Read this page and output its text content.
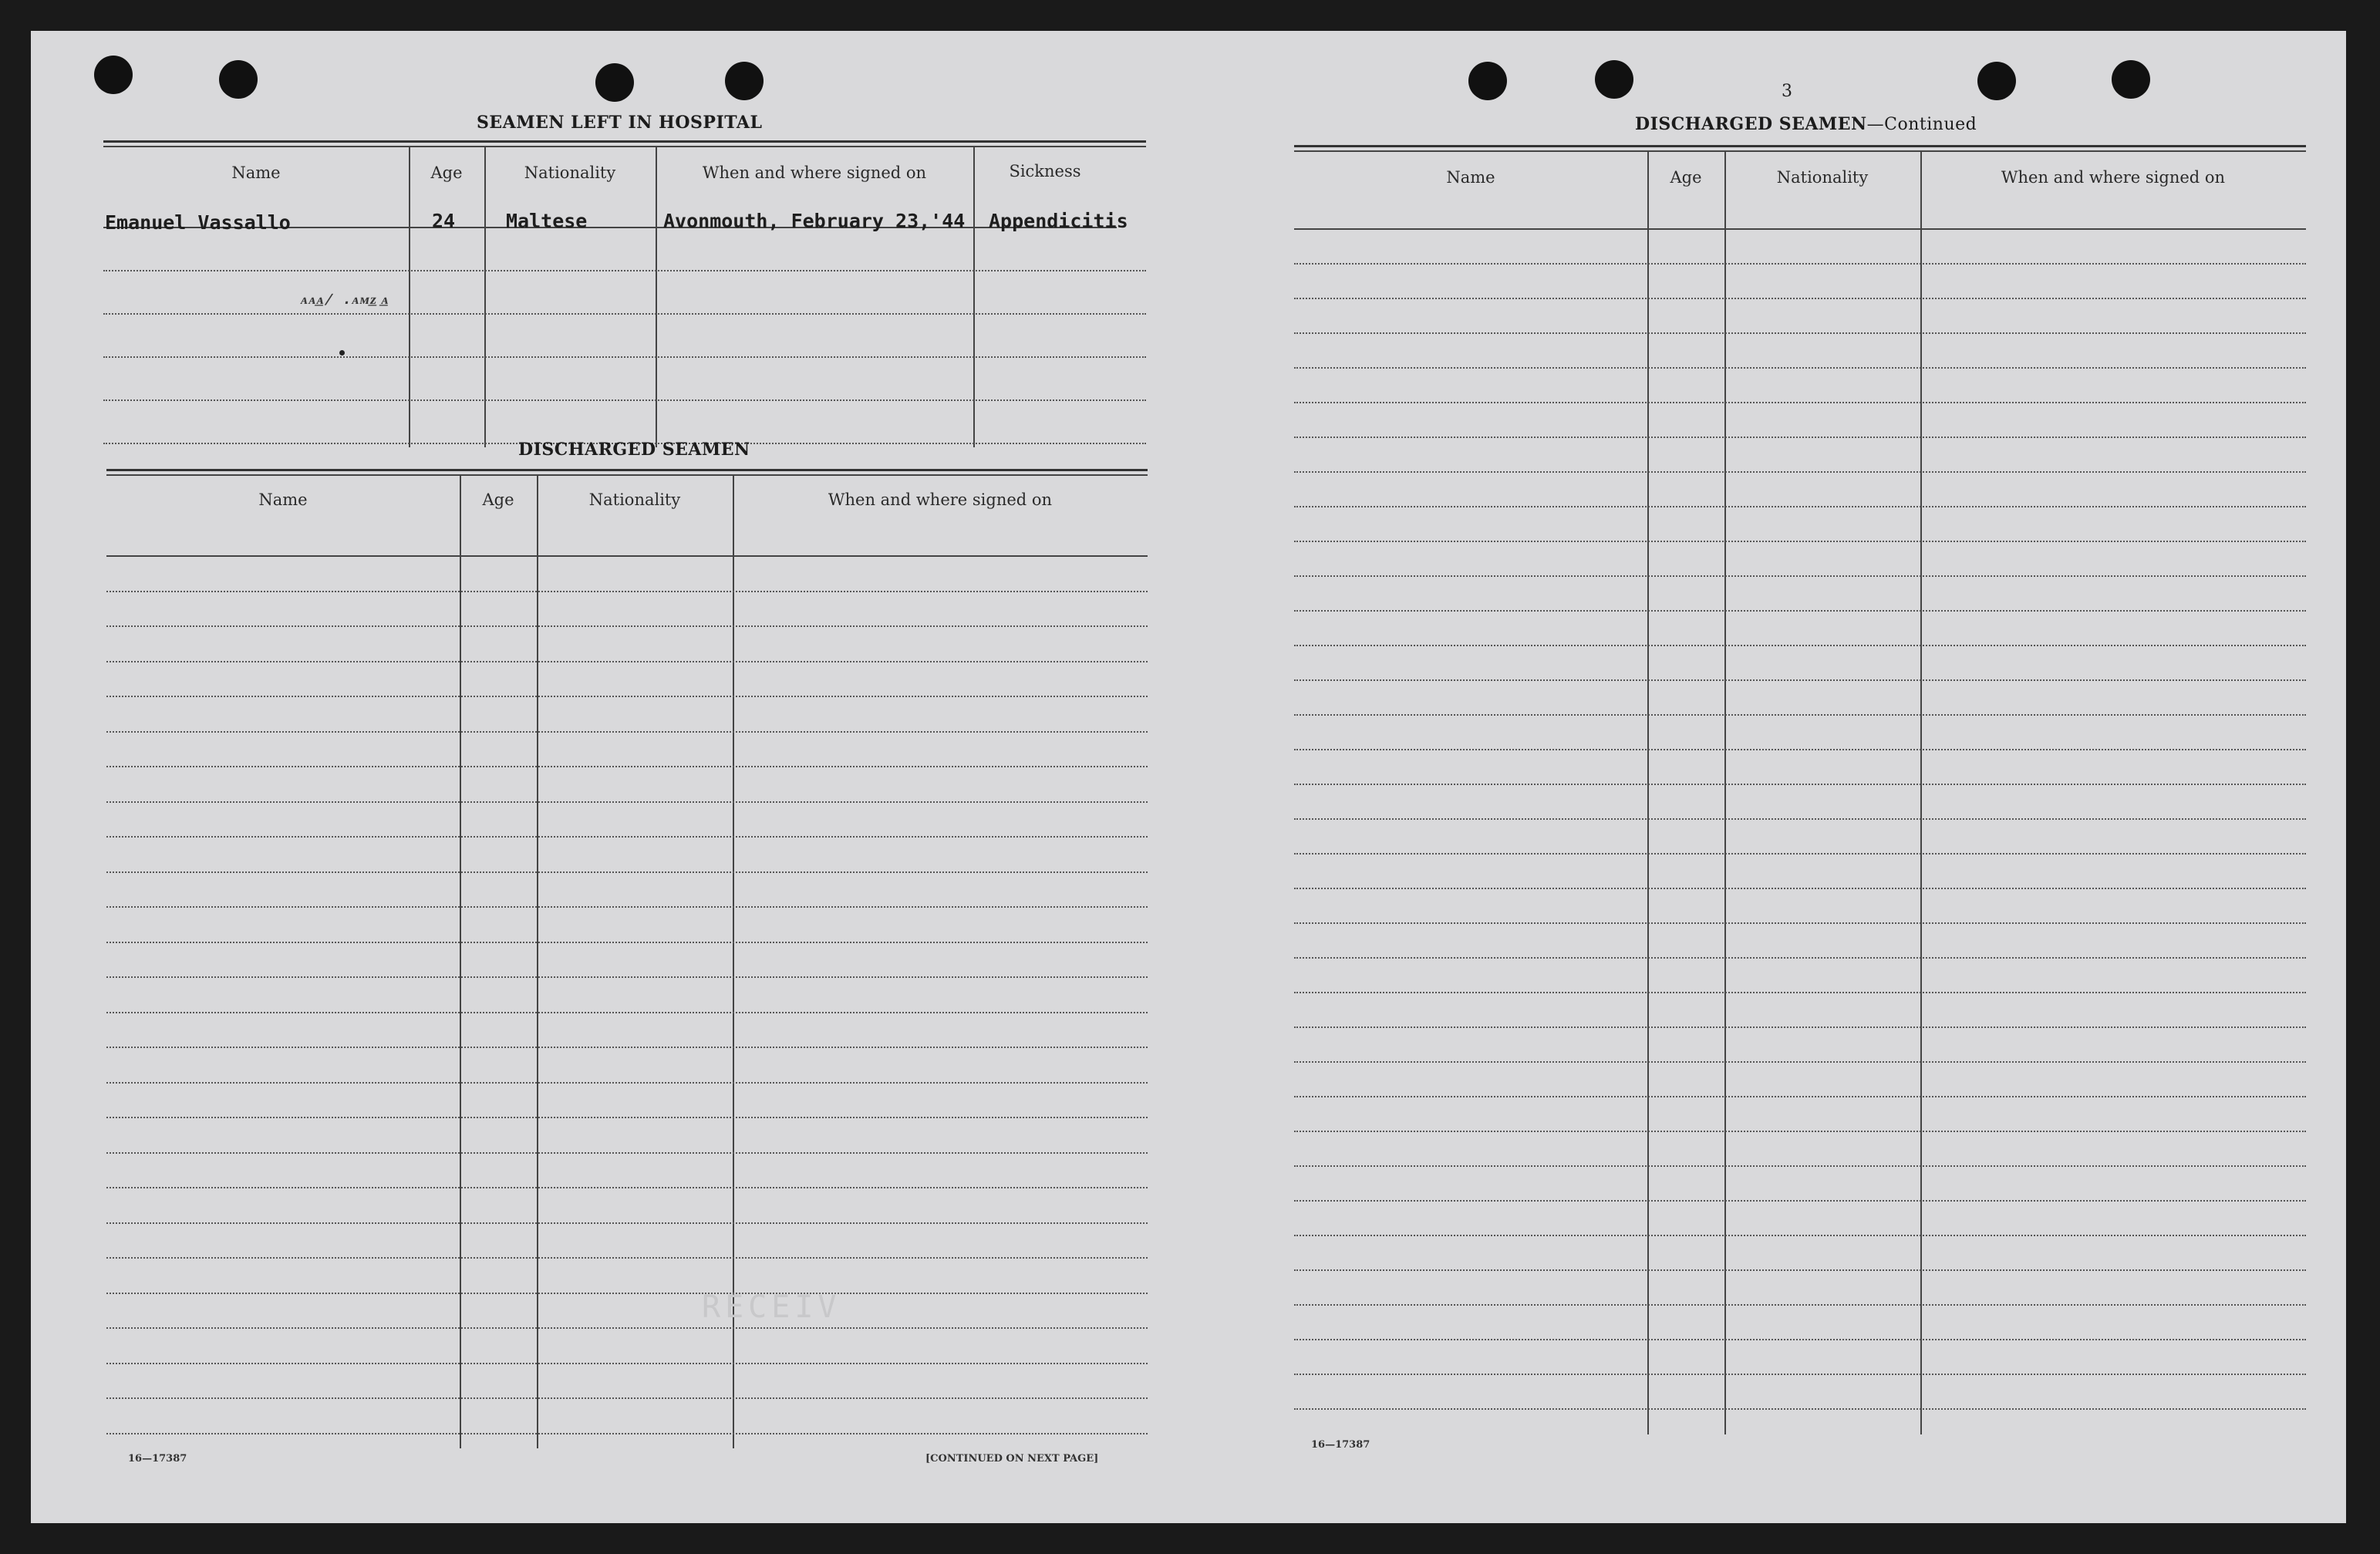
SEAMEN LEFT IN HOSPITAL
Name	Age	Nationality	When and where signed on	Sickness
Emanuel Vassallo	24	Maltese	Avonmouth, February 23,'44 Appendicitis
ᴀᴀ͟ᴀ/ .ᴀᴍ͟ᴢ ͟ᴀ
DISCHARGED SEAMEN
Name	Age	Nationality	When and where signed on
RECEIV
16—17387	[CONTINUED ON NEXT PAGE]
3
DISCHARGED SEAMEN—Continued
Name	Age	Nationality	When and where signed on
16—17387
